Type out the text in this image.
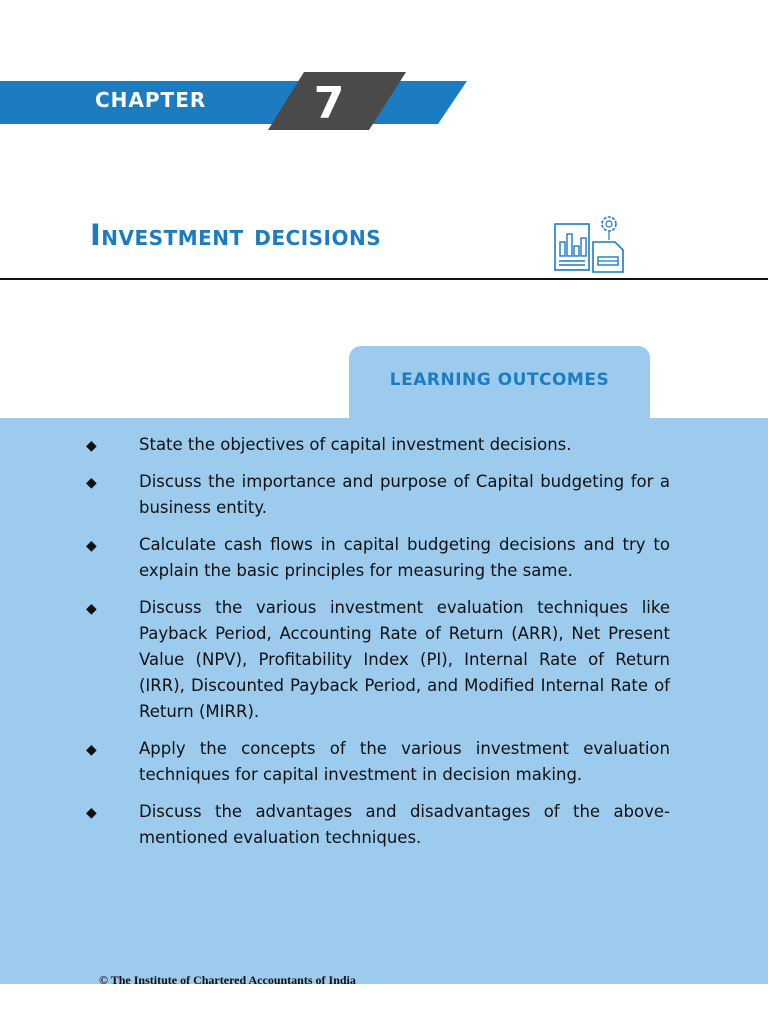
CHAPTER	7
Investment decisions
LEARNING OUTCOMES
◆	State the objectives of capital investment decisions.
◆	Discuss the importance and purpose of Capital budgeting for a business entity.
◆	Calculate cash flows in capital budgeting decisions and try to explain the basic principles for measuring the same.
◆	Discuss the various investment evaluation techniques like Payback Period, Accounting Rate of Return (ARR), Net Present Value (NPV), Profitability Index (PI), Internal Rate of Return (IRR), Discounted Payback Period, and Modified Internal Rate of Return (MIRR).
◆	Apply the concepts of the various investment evaluation techniques for capital investment in decision making.
◆	Discuss the advantages and disadvantages of the above-mentioned evaluation techniques.
© The Institute of Chartered Accountants of India
